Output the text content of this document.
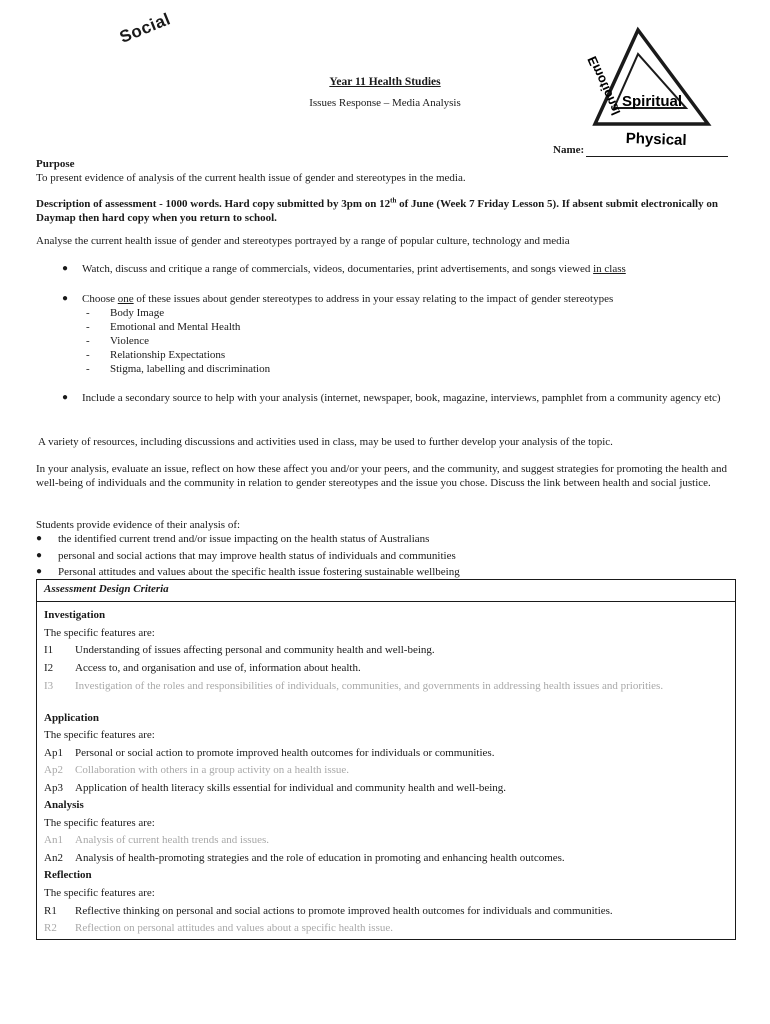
Social
Year 11 Health Studies
Issues Response – Media Analysis	Emotional
Spiritual
Physical
Name:
Purpose
To present evidence of analysis of the current health issue of gender and stereotypes in the media.
Description of assessment - 1000 words. Hard copy submitted by 3pm on 12th of June (Week 7 Friday Lesson 5). If absent submit electronically on Daymap then hard copy when you return to school.
Analyse the current health issue of gender and stereotypes portrayed by a range of popular culture, technology and media
● Watch, discuss and critique a range of commercials, videos, documentaries, print advertisements, and songs viewed in class
● Choose one of these issues about gender stereotypes to address in your essay relating to the impact of gender stereotypes
- Body Image
- Emotional and Mental Health
- Violence
- Relationship Expectations
- Stigma, labelling and discrimination
● Include a secondary source to help with your analysis (internet, newspaper, book, magazine, interviews, pamphlet from a community agency etc)
A variety of resources, including discussions and activities used in class, may be used to further develop your analysis of the topic.
In your analysis, evaluate an issue, reflect on how these affect you and/or your peers, and the community, and suggest strategies for promoting the health and well-being of individuals and the community in relation to gender stereotypes and the issue you chose. Discuss the link between health and social justice.
Students provide evidence of their analysis of:
● the identified current trend and/or issue impacting on the health status of Australians
● personal and social actions that may improve health status of individuals and communities
● Personal attitudes and values about the specific health issue fostering sustainable wellbeing
Assessment Design Criteria
Investigation
The specific features are:
I1 Understanding of issues affecting personal and community health and well-being.
I2 Access to, and organisation and use of, information about health.
I3 Investigation of the roles and responsibilities of individuals, communities, and governments in addressing health issues and priorities.
Application
The specific features are:
Ap1 Personal or social action to promote improved health outcomes for individuals or communities.
Ap2 Collaboration with others in a group activity on a health issue.
Ap3 Application of health literacy skills essential for individual and community health and well-being.
Analysis
The specific features are:
An1 Analysis of current health trends and issues.
An2 Analysis of health-promoting strategies and the role of education in promoting and enhancing health outcomes.
Reflection
The specific features are:
R1 Reflective thinking on personal and social actions to promote improved health outcomes for individuals and communities.
R2 Reflection on personal attitudes and values about a specific health issue.
